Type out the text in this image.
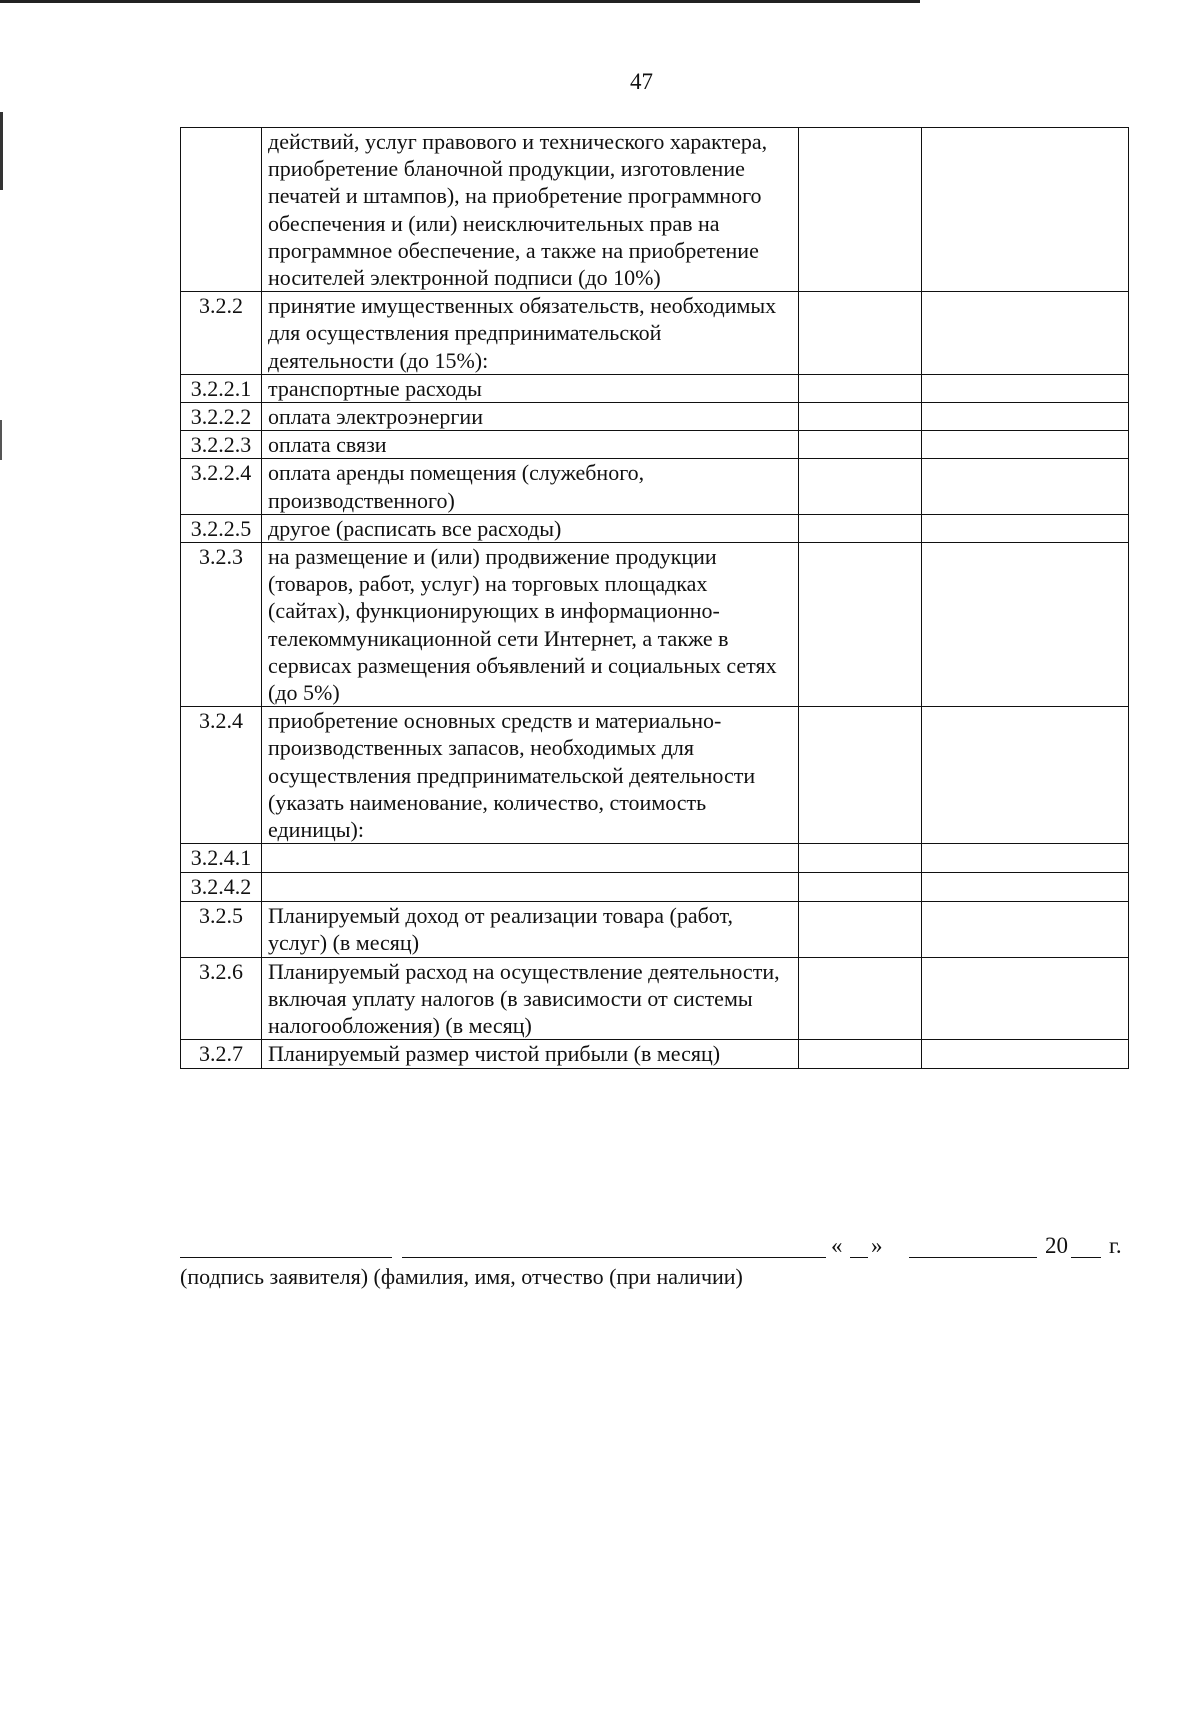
47
	действий, услуг правового и технического характера, приобретение бланочной продукции, изготовление печатей и штампов), на приобретение программного обеспечения и (или) неисключительных прав на программное обеспечение, а также на приобретение носителей электронной подписи (до 10%)		
3.2.2	принятие имущественных обязательств, необходимых для осуществления предпринимательской деятельности (до 15%):		
3.2.2.1	транспортные расходы		
3.2.2.2	оплата электроэнергии		
3.2.2.3	оплата связи		
3.2.2.4	оплата аренды помещения (служебного, производственного)		
3.2.2.5	другое (расписать все расходы)		
3.2.3	на размещение и (или) продвижение продукции (товаров, работ, услуг) на торговых площадках (сайтах), функционирующих в информационно-телекоммуникационной сети Интернет, а также в сервисах размещения объявлений и социальных сетях (до 5%)		
3.2.4	приобретение основных средств и материально-производственных запасов, необходимых для осуществления предпринимательской деятельности (указать наименование, количество, стоимость единицы):		
3.2.4.1			
3.2.4.2			
3.2.5	Планируемый доход от реализации товара (работ, услуг) (в месяц)		
3.2.6	Планируемый расход на осуществление деятельности, включая уплату налогов (в зависимости от системы налогообложения) (в месяц)		
3.2.7	Планируемый размер чистой прибыли (в месяц)		
« »	20 г.
(подпись заявителя) (фамилия, имя, отчество (при наличии)
